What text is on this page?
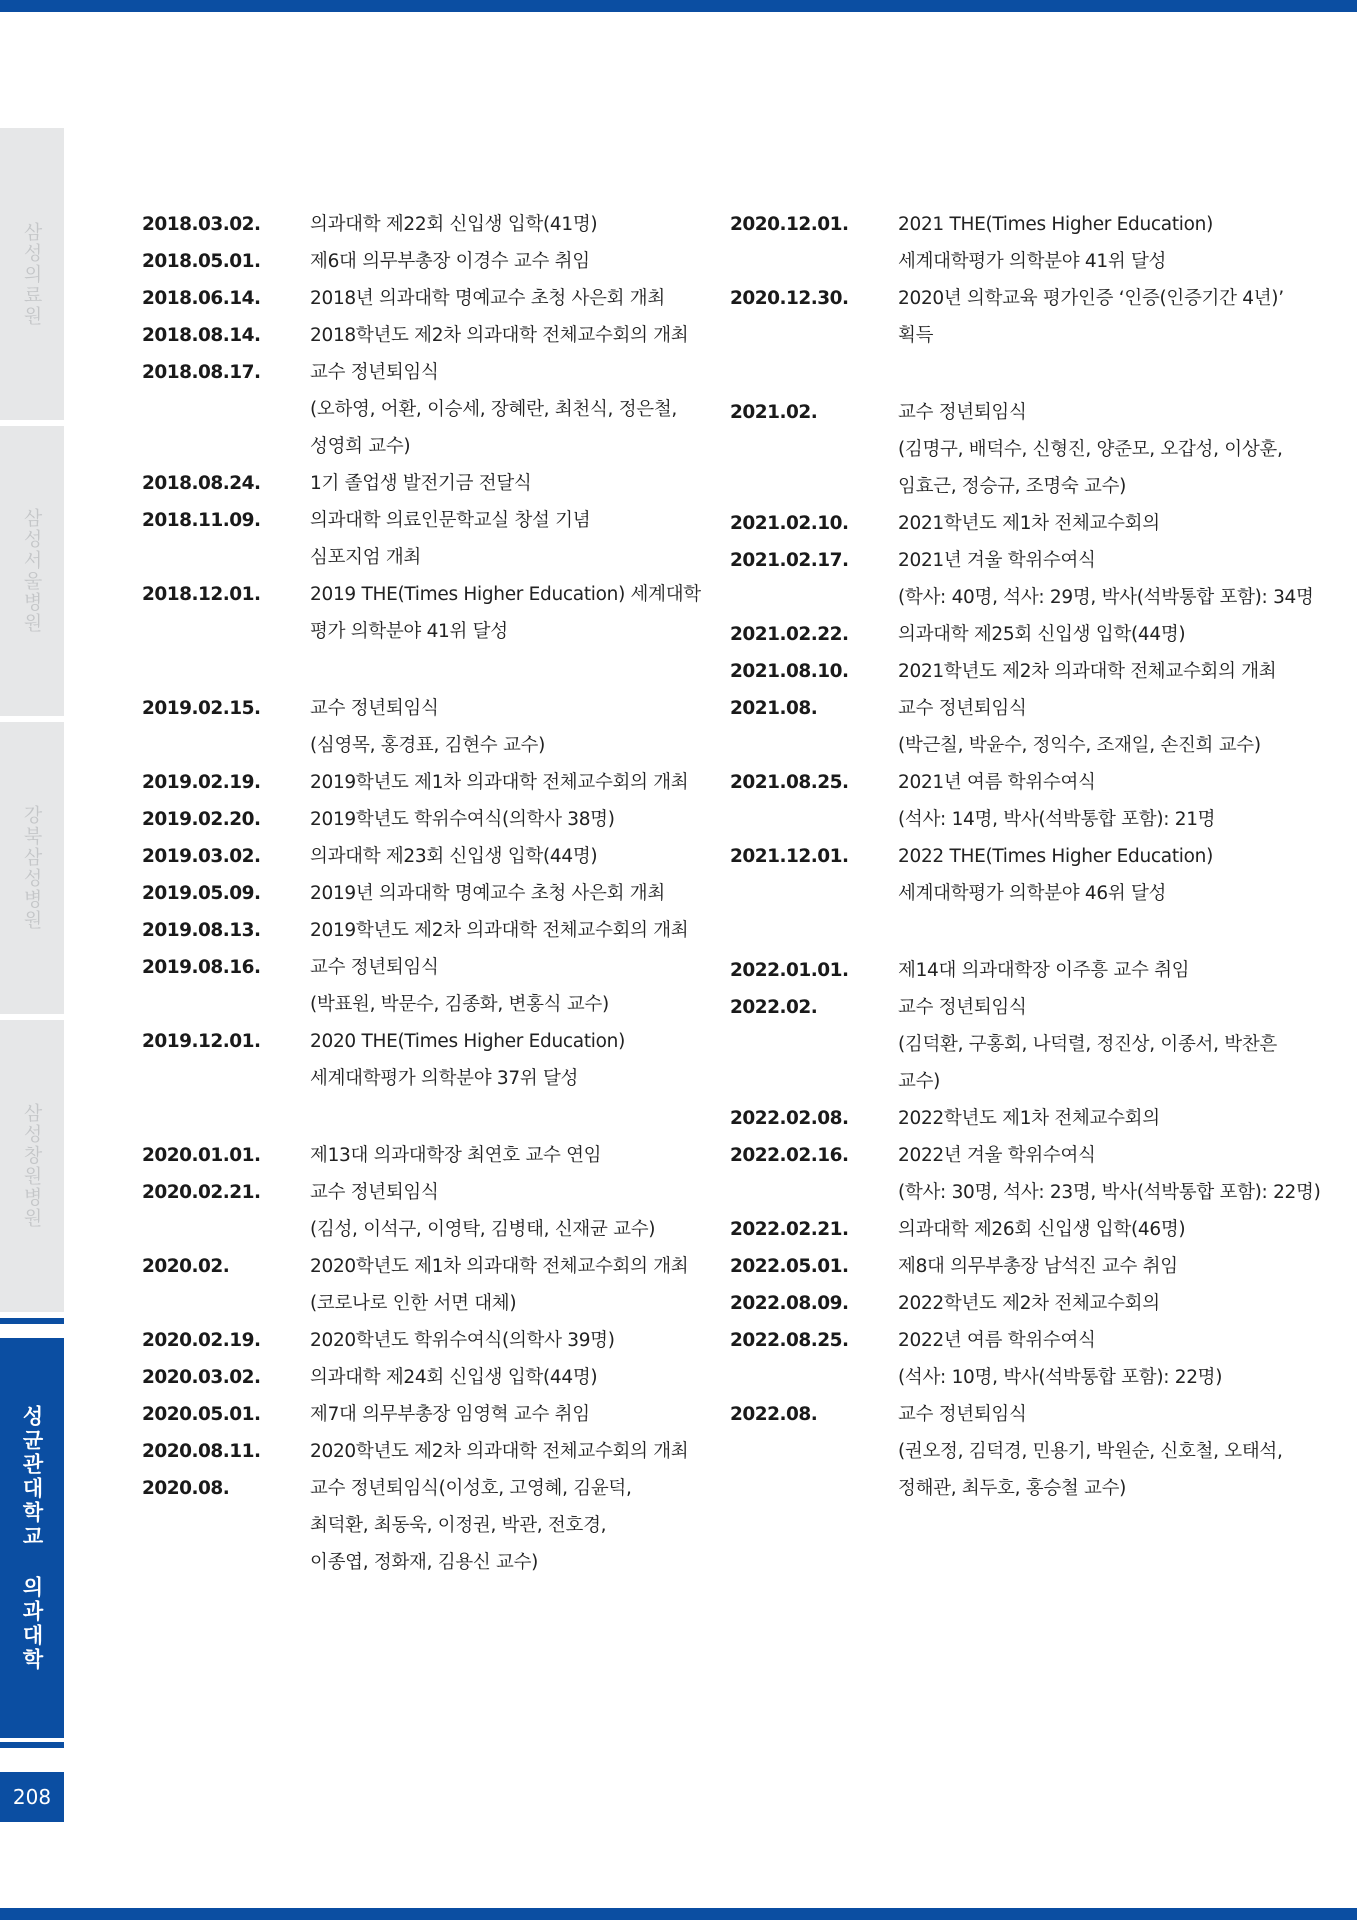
삼성의료원
삼성서울병원
강북삼성병원
삼성창원병원
성균관대학교 의과대학
208
2018.03.02.	의과대학 제22회 신입생 입학(41명)
2018.05.01.	제6대 의무부총장 이경수 교수 취임
2018.06.14.	2018년 의과대학 명예교수 초청 사은회 개최
2018.08.14.	2018학년도 제2차 의과대학 전체교수회의 개최
2018.08.17.	교수 정년퇴임식
(오하영, 어환, 이승세, 장혜란, 최천식, 정은철,
성영희 교수)
2018.08.24.	1기 졸업생 발전기금 전달식
2018.11.09.	의과대학 의료인문학교실 창설 기념
심포지엄 개최
2018.12.01.	2019 THE(Times Higher Education) 세계대학
평가 의학분야 41위 달성
2019.02.15.	교수 정년퇴임식
(심영목, 홍경표, 김현수 교수)
2019.02.19.	2019학년도 제1차 의과대학 전체교수회의 개최
2019.02.20.	2019학년도 학위수여식(의학사 38명)
2019.03.02.	의과대학 제23회 신입생 입학(44명)
2019.05.09.	2019년 의과대학 명예교수 초청 사은회 개최
2019.08.13.	2019학년도 제2차 의과대학 전체교수회의 개최
2019.08.16.	교수 정년퇴임식
(박표원, 박문수, 김종화, 변홍식 교수)
2019.12.01.	2020 THE(Times Higher Education)
세계대학평가 의학분야 37위 달성
2020.01.01.	제13대 의과대학장 최연호 교수 연임
2020.02.21.	교수 정년퇴임식
(김성, 이석구, 이영탁, 김병태, 신재균 교수)
2020.02.	2020학년도 제1차 의과대학 전체교수회의 개최
(코로나로 인한 서면 대체)
2020.02.19.	2020학년도 학위수여식(의학사 39명)
2020.03.02.	의과대학 제24회 신입생 입학(44명)
2020.05.01.	제7대 의무부총장 임영혁 교수 취임
2020.08.11.	2020학년도 제2차 의과대학 전체교수회의 개최
2020.08.	교수 정년퇴임식(이성호, 고영혜, 김윤덕,
최덕환, 최동욱, 이정권, 박관, 전호경,
이종엽, 정화재, 김용신 교수)
2020.12.01.	2021 THE(Times Higher Education)
세계대학평가 의학분야 41위 달성
2020.12.30.	2020년 의학교육 평가인증 ‘인증(인증기간 4년)’
획득
2021.02.	교수 정년퇴임식
(김명구, 배덕수, 신형진, 양준모, 오갑성, 이상훈,
임효근, 정승규, 조명숙 교수)
2021.02.10.	2021학년도 제1차 전체교수회의
2021.02.17.	2021년 겨울 학위수여식
(학사: 40명, 석사: 29명, 박사(석박통합 포함): 34명
2021.02.22.	의과대학 제25회 신입생 입학(44명)
2021.08.10.	2021학년도 제2차 의과대학 전체교수회의 개최
2021.08.	교수 정년퇴임식
(박근칠, 박윤수, 정익수, 조재일, 손진희 교수)
2021.08.25.	2021년 여름 학위수여식
(석사: 14명, 박사(석박통합 포함): 21명
2021.12.01.	2022 THE(Times Higher Education)
세계대학평가 의학분야 46위 달성
2022.01.01.	제14대 의과대학장 이주흥 교수 취임
2022.02.	교수 정년퇴임식
(김덕환, 구홍회, 나덕렬, 정진상, 이종서, 박찬흔
교수)
2022.02.08.	2022학년도 제1차 전체교수회의
2022.02.16.	2022년 겨울 학위수여식
(학사: 30명, 석사: 23명, 박사(석박통합 포함): 22명)
2022.02.21.	의과대학 제26회 신입생 입학(46명)
2022.05.01.	제8대 의무부총장 남석진 교수 취임
2022.08.09.	2022학년도 제2차 전체교수회의
2022.08.25.	2022년 여름 학위수여식
(석사: 10명, 박사(석박통합 포함): 22명)
2022.08.	교수 정년퇴임식
(권오정, 김덕경, 민용기, 박원순, 신호철, 오태석,
정해관, 최두호, 홍승철 교수)
